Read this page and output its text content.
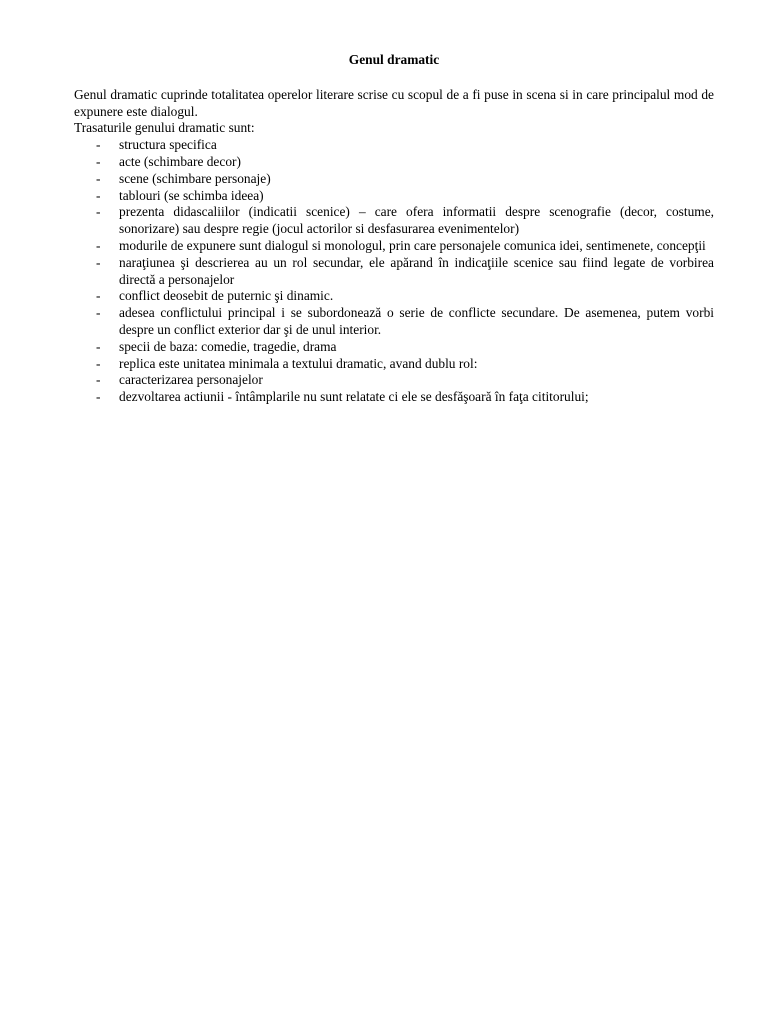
Genul dramatic

Genul dramatic cuprinde totalitatea operelor literare scrise cu scopul de a fi puse in scena si in care principalul mod de expunere este dialogul.

Trasaturile genului dramatic sunt:

- structura specifica
- acte (schimbare decor)
- scene (schimbare personaje)
- tablouri (se schimba ideea)
- prezenta didascaliilor (indicatii scenice) – care ofera informatii despre scenografie (decor, costume, sonorizare) sau despre regie (jocul actorilor si desfasurarea evenimentelor)
- modurile de expunere sunt dialogul si monologul, prin care personajele comunica idei, sentimenete, concepţii
- naraţiunea şi descrierea au un rol secundar, ele apărand în indicaţiile scenice sau fiind legate de vorbirea directă a personajelor
- conflict deosebit de puternic şi dinamic.
- adesea conflictului principal i se subordonează o serie de conflicte secundare. De asemenea, putem vorbi despre un conflict exterior dar şi de unul interior.
- specii de baza: comedie, tragedie, drama
- replica este unitatea minimala a textului dramatic, avand dublu rol:
- caracterizarea personajelor
- dezvoltarea actiunii - întâmplarile nu sunt relatate ci ele se desfăşoară în faţa cititorului;
